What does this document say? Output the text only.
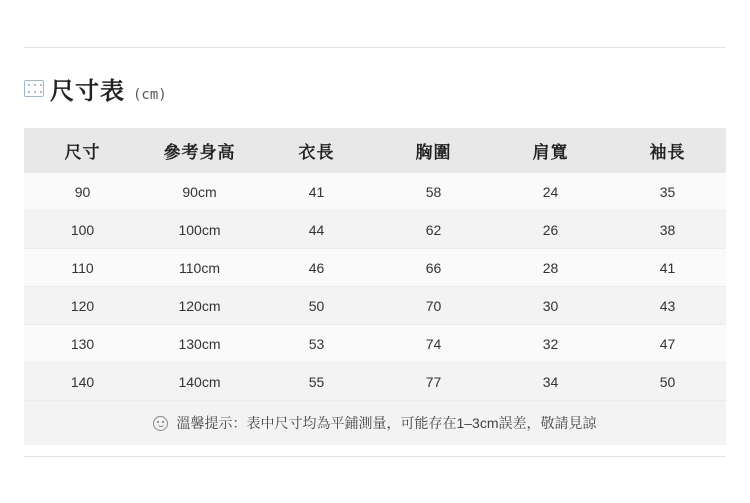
尺寸表 (cm)
尺寸	參考身高	衣長	胸圍	肩寬	袖長
90	90cm	41	58	24	35
100	100cm	44	62	26	38
110	110cm	46	66	28	41
120	120cm	50	70	30	43
130	130cm	53	74	32	47
140	140cm	55	77	34	50
溫馨提示：表中尺寸均為平鋪測量，可能存在1–3cm誤差，敬請見諒
